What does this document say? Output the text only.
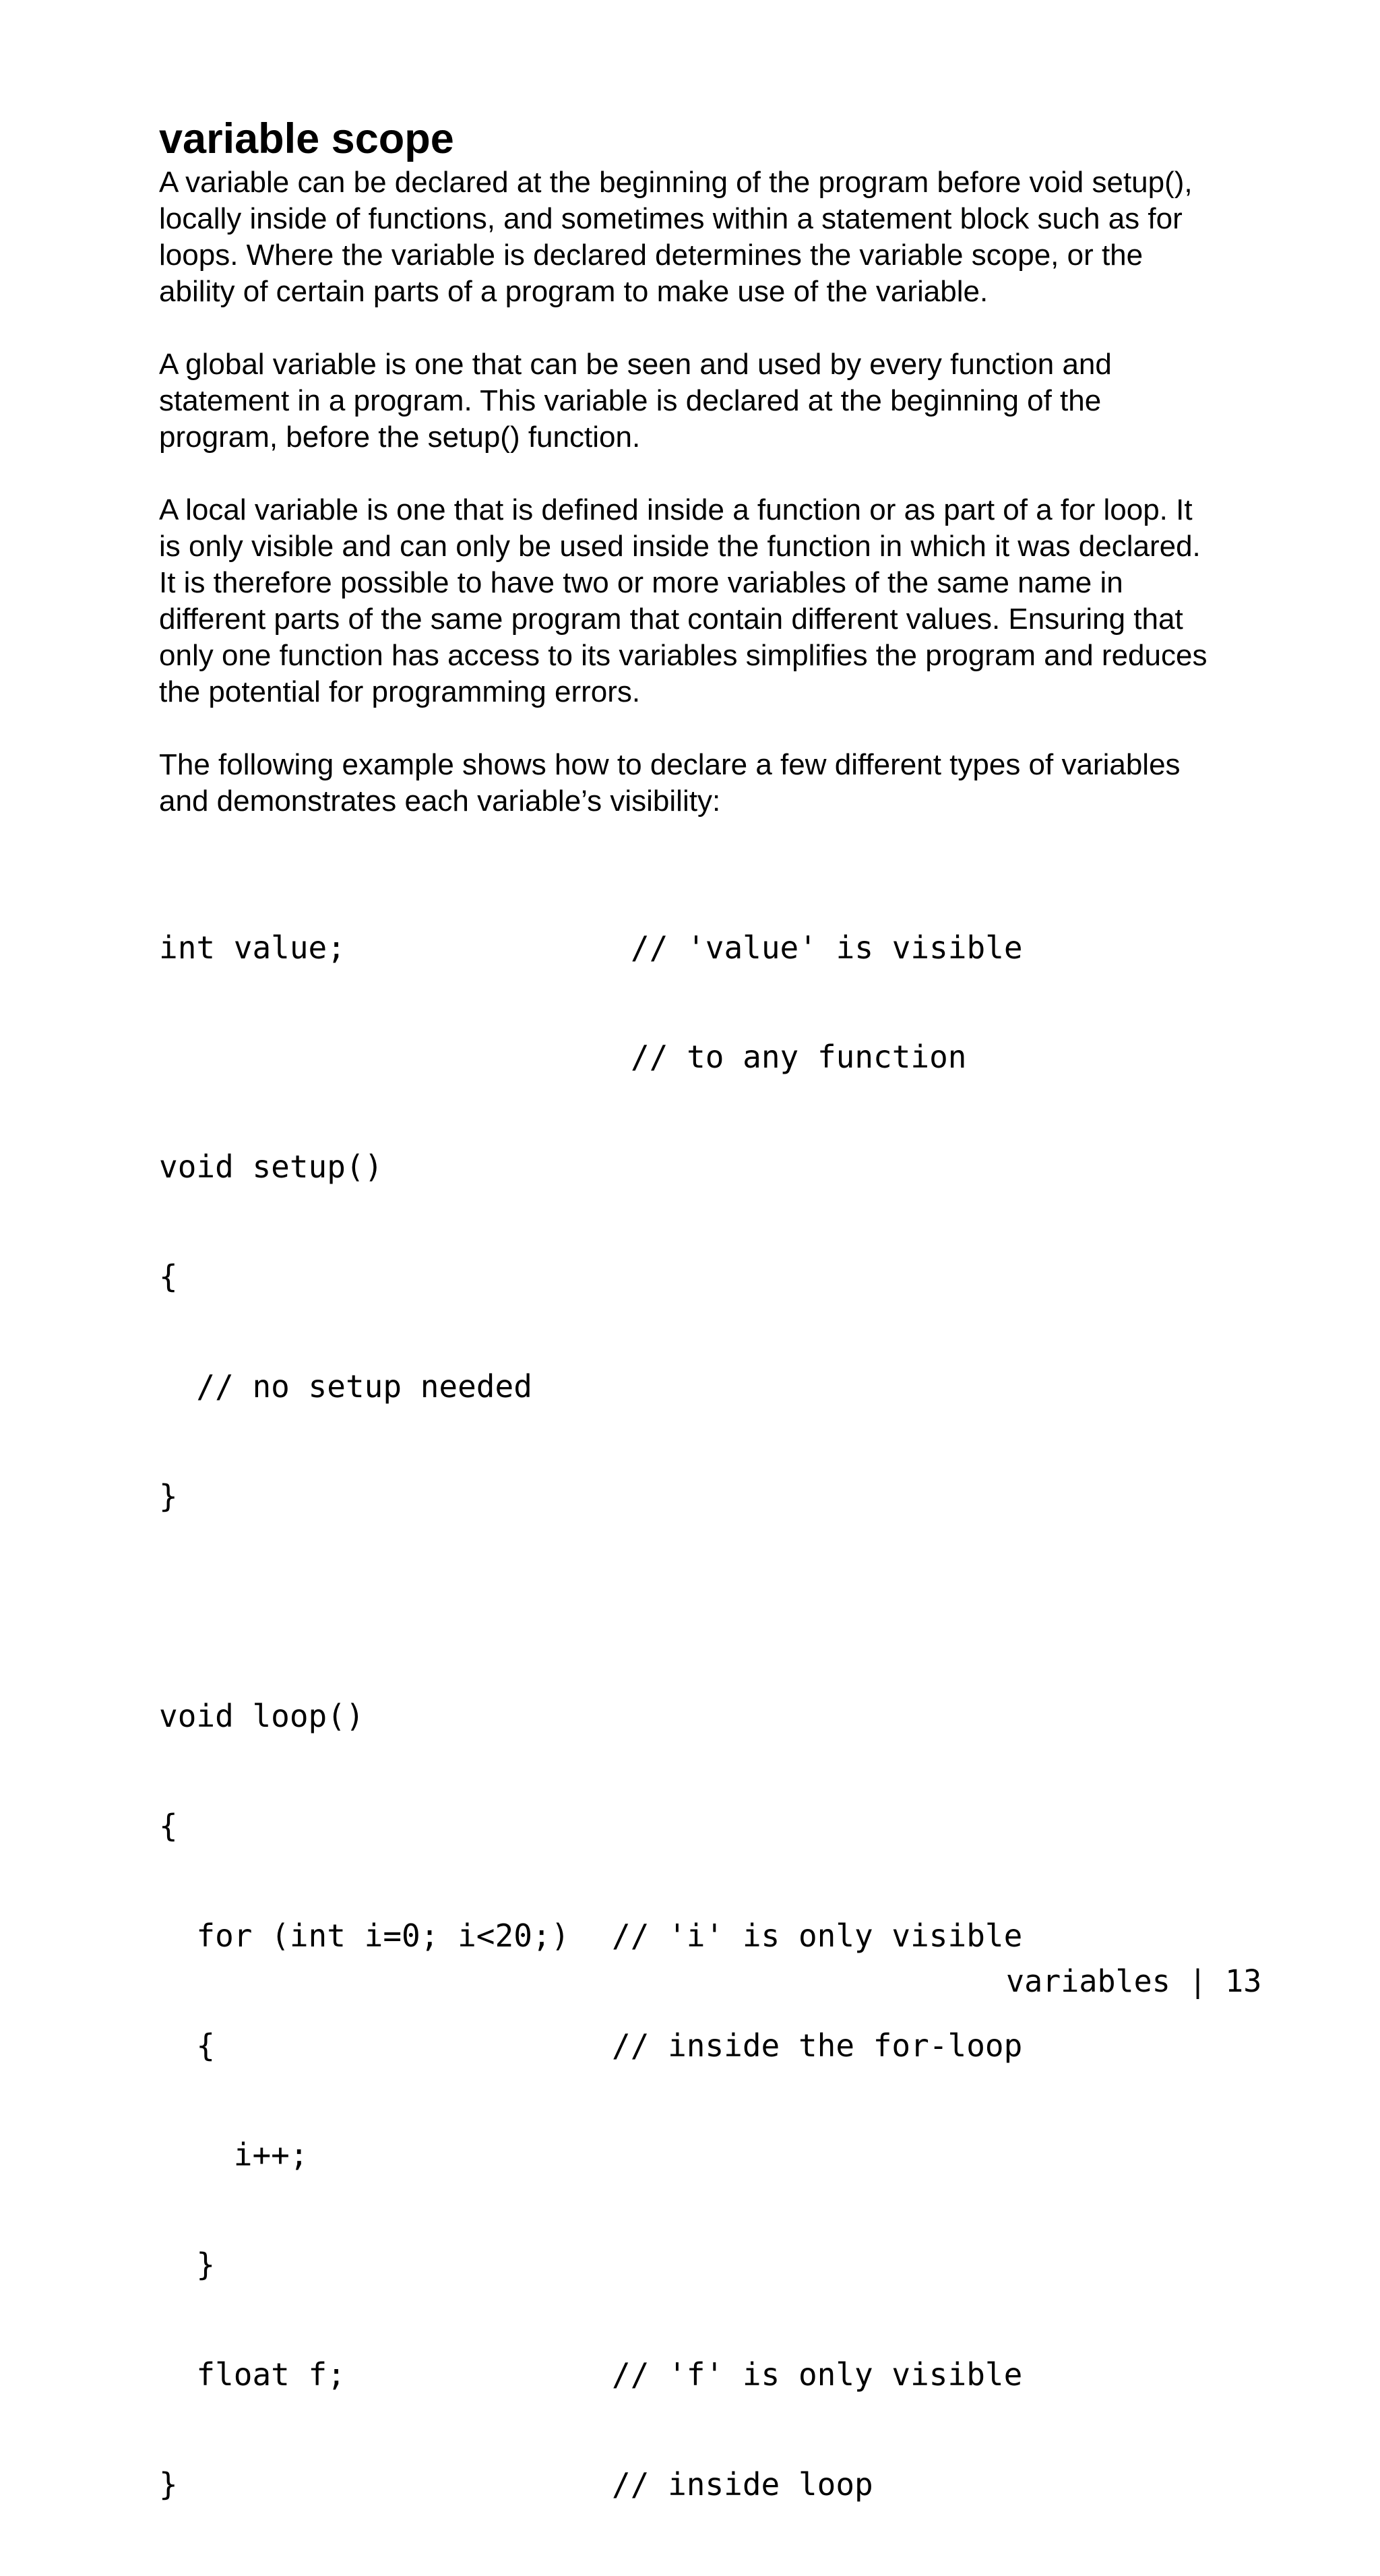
variable scope
A variable can be declared at the beginning of the program before void setup(),
locally inside of functions, and sometimes within a statement block such as for
loops. Where the variable is declared determines the variable scope, or the
ability of certain parts of a program to make use of the variable.
A global variable is one that can be seen and used by every function and
statement in a program. This variable is declared at the beginning of the
program, before the setup() function.
A local variable is one that is defined inside a function or as part of a for loop. It
is only visible and can only be used inside the function in which it was declared.
It is therefore possible to have two or more variables of the same name in
different parts of the same program that contain different values. Ensuring that
only one function has access to its variables simplifies the program and reduces
the potential for programming errors.
The following example shows how to declare a few different types of variables
and demonstrates each variable’s visibility:

int value;	// 'value' is visible

// to any function

void setup()

{

// no setup needed

}

void loop()

{

for (int i=0; i<20;) // 'i' is only visible

{	// inside the for-loop

i++;

}

float f;	// 'f' is only visible

}	// inside loop

variables | 13
